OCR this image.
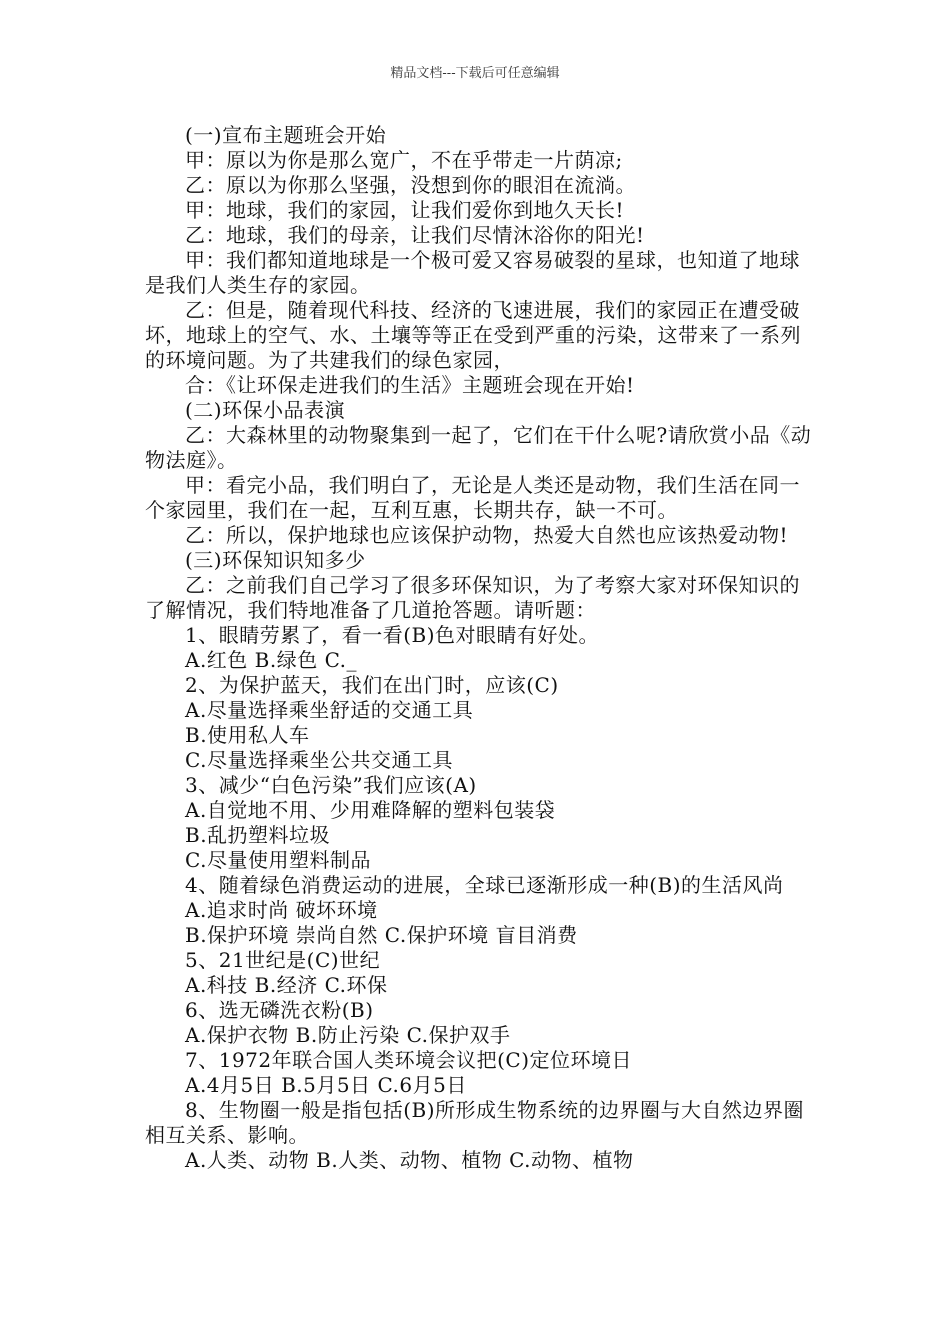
精品文档---下载后可任意编辑

(一)宣布主题班会开始

甲：原以为你是那么宽广，不在乎带走一片荫凉;

乙：原以为你那么坚强，没想到你的眼泪在流淌。

甲：地球，我们的家园，让我们爱你到地久天长!

乙：地球，我们的母亲，让我们尽情沐浴你的阳光!

甲：我们都知道地球是一个极可爱又容易破裂的星球，也知道了地球是我们人类生存的家园。

乙：但是，随着现代科技、经济的飞速进展，我们的家园正在遭受破坏，地球上的空气、水、土壤等等正在受到严重的污染，这带来了一系列的环境问题。为了共建我们的绿色家园，

合：《让环保走进我们的生活》主题班会现在开始!

(二)环保小品表演

乙：大森林里的动物聚集到一起了，它们在干什么呢?请欣赏小品《动物法庭》。

甲：看完小品，我们明白了，无论是人类还是动物，我们生活在同一个家园里，我们在一起，互利互惠，长期共存，缺一不可。

乙：所以，保护地球也应该保护动物，热爱大自然也应该热爱动物!

(三)环保知识知多少

乙：之前我们自己学习了很多环保知识，为了考察大家对环保知识的了解情况，我们特地准备了几道抢答题。请听题：

1、眼睛劳累了，看一看(B)色对眼睛有好处。

A.红色 B.绿色 C._

2、为保护蓝天，我们在出门时，应该(C)

A.尽量选择乘坐舒适的交通工具

B.使用私人车

C.尽量选择乘坐公共交通工具

3、减少“白色污染”我们应该(A)

A.自觉地不用、少用难降解的塑料包装袋

B.乱扔塑料垃圾

C.尽量使用塑料制品

4、随着绿色消费运动的进展，全球已逐渐形成一种(B)的生活风尚

A.追求时尚 破坏环境

B.保护环境 崇尚自然 C.保护环境 盲目消费

5、21世纪是(C)世纪

A.科技 B.经济 C.环保

6、选无磷洗衣粉(B)

A.保护衣物 B.防止污染 C.保护双手

7、1972年联合国人类环境会议把(C)定位环境日

A.4月5日 B.5月5日 C.6月5日

8、生物圈一般是指包括(B)所形成生物系统的边界圈与大自然边界圈相互关系、影响。

A.人类、动物 B.人类、动物、植物 C.动物、植物
